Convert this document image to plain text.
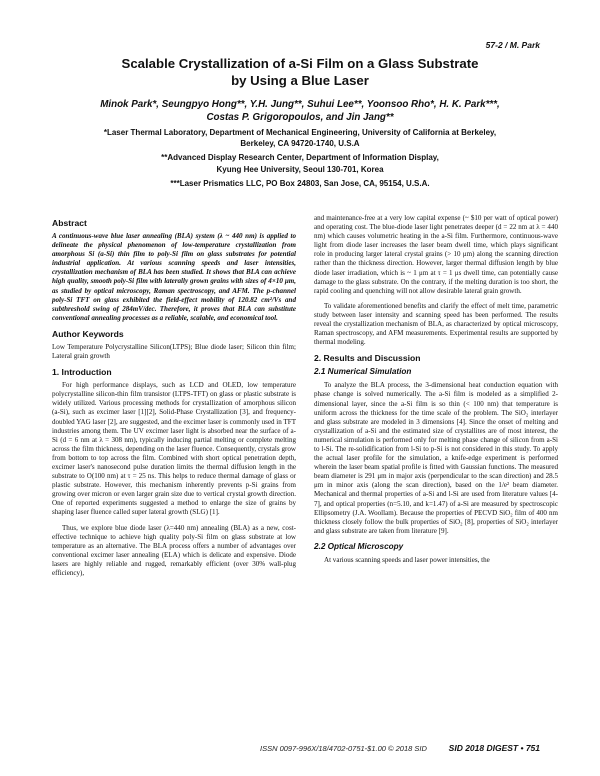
57-2 / M. Park
Scalable Crystallization of a-Si Film on a Glass Substrate
by Using a Blue Laser
Minok Park*, Seungpyo Hong**, Y.H. Jung**, Suhui Lee**, Yoonsoo Rho*, H. K. Park***,
Costas P. Grigoropoulos, and Jin Jang**
*Laser Thermal Laboratory, Department of Mechanical Engineering, University of California at Berkeley,
Berkeley, CA 94720-1740, U.S.A
**Advanced Display Research Center, Department of Information Display,
Kyung Hee University, Seoul 130-701, Korea
***Laser Prismatics LLC, PO Box 24803, San Jose, CA, 95154, U.S.A.
Abstract

A continuous-wave blue laser annealing (BLA) system (λ ~ 440 nm) is applied to delineate the physical phenomenon of low-temperature crystallization from amorphous Si (a-Si) thin film to poly-Si film on glass substrates for potential industrial application. At various scanning speeds and laser intensities, crystallization mechanism of BLA has been studied. It shows that BLA can achieve high quality, smooth poly-Si film with laterally grown grains with sizes of 4×10 μm, as studied by optical microscopy, Raman spectroscopy, and AFM. The p-channel poly-Si TFT on glass exhibited the field-effect mobility of 120.82 cm²/Vs and subthreshold swing of 284mV/dec. Therefore, it proves that BLA can substitute conventional annealing processes as a reliable, scalable, and economical tool.

Author Keywords

Low Temperature Polycrystalline Silicon(LTPS); Blue diode laser; Silicon thin film; Lateral grain growth

1. Introduction

For high performance displays, such as LCD and OLED, low temperature polycrystalline silicon-thin film transistor (LTPS-TFT) on glass or plastic substrate is widely utilized. Various processing methods for crystallization of amorphous silicon (a-Si), such as excimer laser [1][2], Solid-Phase Crystallization [3], and frequency-doubled YAG laser [2], are suggested, and the excimer laser is commonly used in TFT industries among them. The UV excimer laser light is absorbed near the surface of a-Si (d = 6 nm at λ = 308 nm), typically inducing partial melting or complete melting across the film thickness, depending on the laser fluence. Consequently, crystals grow from bottom to top across the film. Combined with short optical penetration depth, excimer laser's nanosecond pulse duration limits the thermal diffusion length in the substrate to O(100 nm) at τ = 25 ns. This helps to reduce thermal damage of glass or plastic substrate. However, this mechanism inherently prevents p-Si grains from growing over micron or even larger grain size due to vertical crystal growth direction. One of reported experiments suggested a method to enlarge the size of grains by shaping laser fluence called super lateral growth (SLG) [1].

Thus, we explore blue diode laser (λ=440 nm) annealing (BLA) as a new, cost-effective technique to achieve high quality poly-Si film on glass substrate at low temperature as an alternative. The BLA process offers a number of advantages over conventional excimer laser annealing (ELA) which is delicate and expensive. Diode lasers are highly reliable and rugged, remarkably efficient (over 30% wall-plug efficiency),

and maintenance-free at a very low capital expense (~ $10 per watt of optical power) and operating cost. The blue-diode laser light penetrates deeper (d = 22 nm at λ = 440 nm) which causes volumetric heating in the a-Si film. Furthermore, continuous-wave light from diode laser increases the laser beam dwell time, which plays significant role in producing larger lateral crystal grains (> 10 μm) along the scanning direction rather than the thickness direction. However, larger thermal diffusion length by blue diode laser irradiation, which is ~ 1 μm at τ = 1 μs dwell time, can potentially cause damage to the glass substrate. On the contrary, if the melting duration is too short, the rapid cooling and quenching will not allow desirable lateral grain growth.

To validate aforementioned benefits and clarify the effect of melt time, parametric study between laser intensity and scanning speed has been performed. The results reveal the crystallization mechanism of BLA, as characterized by optical microscopy, Raman spectroscopy, and AFM measurements. Experimental results are supported by thermal modeling.

2. Results and Discussion
2.1 Numerical Simulation

To analyze the BLA process, the 3-dimensional heat conduction equation with phase change is solved numerically. The a-Si film is modeled as a simplified 2-dimensional layer, since the a-Si film is so thin (< 100 nm) that temperature is uniform across the thickness for the time scale of the problem. The SiO₂ interlayer and glass substrate are modeled in 3 dimensions [4]. Since the onset of melting and crystallization of a-Si and the estimated size of crystallites are of most interest, the numerical simulation is performed only for melting phase change of silicon from a-Si to l-Si. The re-solidification from l-Si to p-Si is not considered in this study. To apply the actual laser profile for the simulation, a knife-edge experiment is performed wherein the laser beam spatial profile is fitted with Gaussian functions. The measured beam diameter is 291 μm in major axis (perpendicular to the scan direction) and 28.5 μm in minor axis (along the scan direction), based on the 1/e² beam diameter. Mechanical and thermal properties of a-Si and l-Si are used from literature values [4-7], and optical properties (n=5.10, and k=1.47) of a-Si are measured by spectroscopic Ellipsometry (J.A. Woollam). Because the properties of PECVD SiO₂ film of 400 nm thickness closely follow the bulk properties of SiO₂ [8], properties of SiO₂ interlayer and glass substrate are taken from literature [9].

2.2 Optical Microscopy

At various scanning speeds and laser power intensities, the

ISSN 0097-996X/18/4702-0751-$1.00 © 2018 SID	SID 2018 DIGEST • 751
